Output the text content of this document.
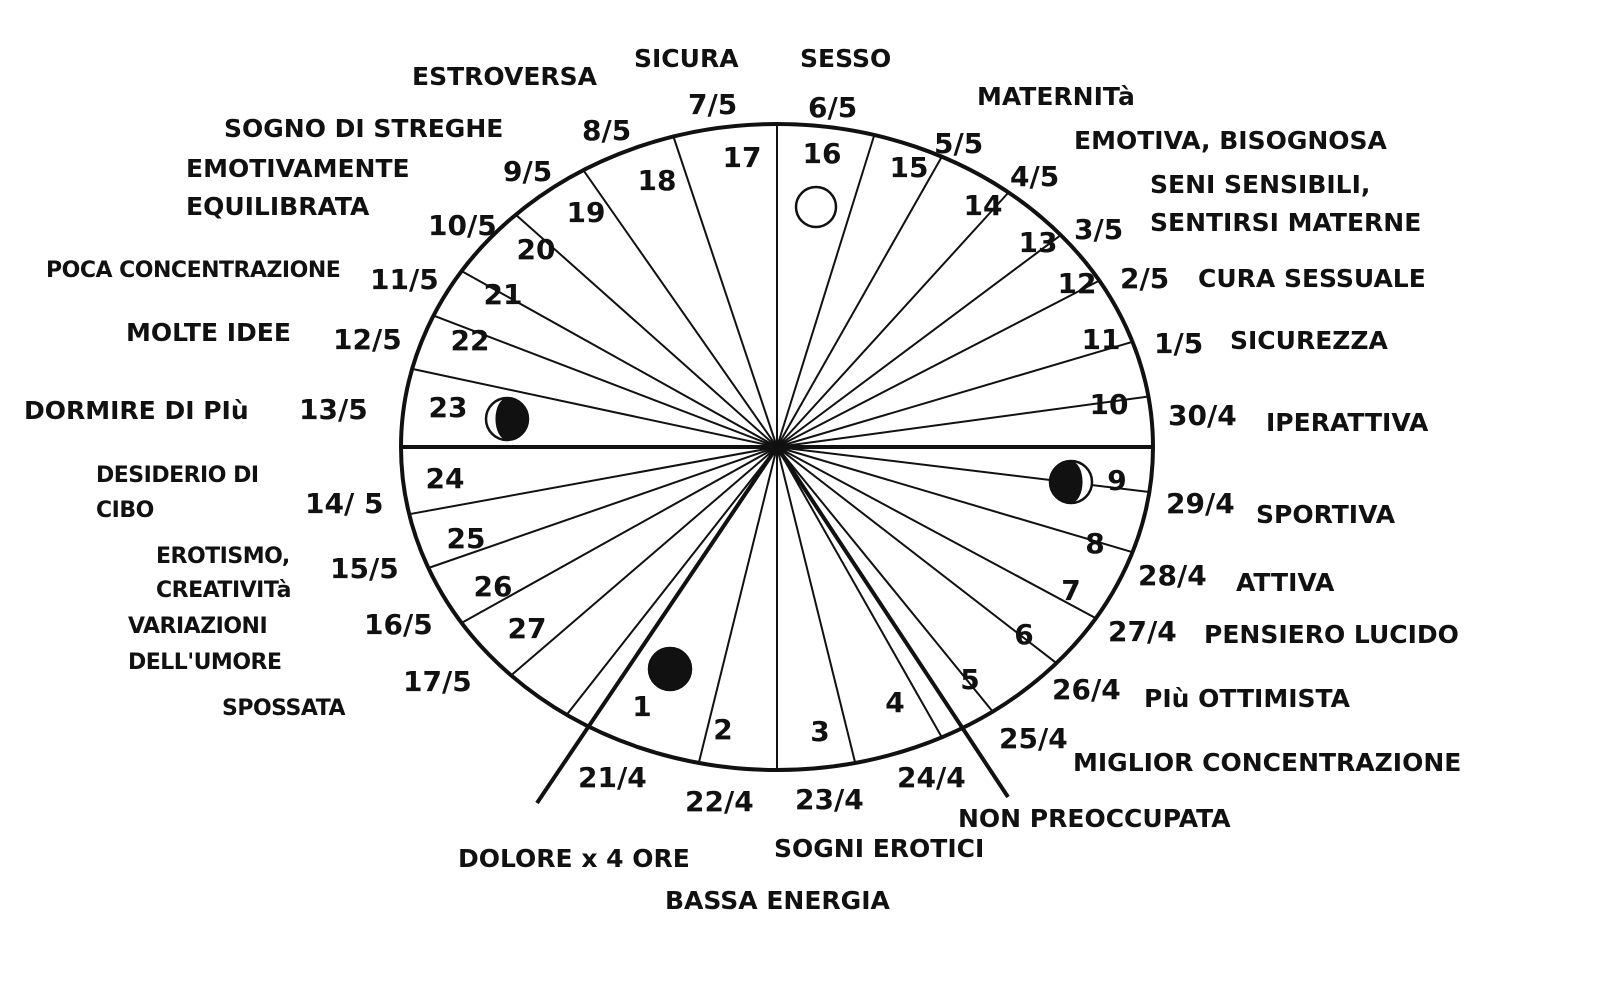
1
2	3
4
5
6
7
8
9
10
11
12
13
14
15
16
17
18
19
20
21
22
23
24
25
26
27
21/4
22/4 23/4
24/4
25/4
26/4
27/4
28/4
29/4
30/4
1/5
2/5
3/5
4/5
5/5
6/5
7/5
8/5
9/5
10/5
11/5
12/5
13/5
14/ 5
15/5
16/5
17/5
DOLORE x 4 ORE
BASSA ENERGIA
SOGNI EROTICI
NON PREOCCUPATA
MIGLIOR CONCENTRAZIONE
PIù OTTIMISTA
PENSIERO LUCIDO
ATTIVA
SPORTIVA
IPERATTIVA
SICUREZZA
CURA SESSUALE
SENI SENSIBILI,
SENTIRSI MATERNE
EMOTIVA, BISOGNOSA
MATERNITà
SESSO
SICURA
ESTROVERSA
SOGNO DI STREGHE
EMOTIVAMENTE
EQUILIBRATA
POCA CONCENTRAZIONE
MOLTE IDEE
DORMIRE DI PIù
DESIDERIO DI
CIBO
EROTISMO,
CREATIVITà
VARIAZIONI
DELL'UMORE
SPOSSATA
